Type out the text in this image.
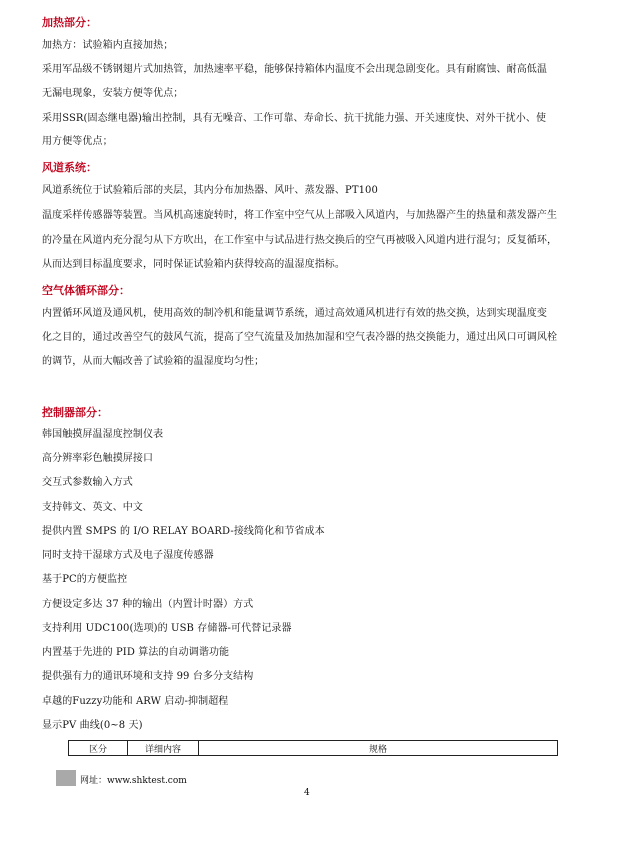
加热部分：
加热方：试验箱内直接加热；
采用军品级不锈钢翅片式加热管，加热速率平稳，能够保持箱体内温度不会出现急剧变化。具有耐腐蚀、耐高低温
无漏电现象，安装方便等优点；
采用SSR(固态继电器)输出控制，具有无噪音、工作可靠、寿命长、抗干扰能力强、开关速度快、对外干扰小、使
用方便等优点；
风道系统：
风道系统位于试验箱后部的夹层，其内分布加热器、风叶、蒸发器、PT100
温度采样传感器等装置。当风机高速旋转时，将工作室中空气从上部吸入风道内，与加热器产生的热量和蒸发器产生
的冷量在风道内充分混匀从下方吹出，在工作室中与试品进行热交换后的空气再被吸入风道内进行混匀；反复循环，
从而达到目标温度要求，同时保证试验箱内获得较高的温湿度指标。
空气体循环部分：
内置循环风道及通风机，使用高效的制冷机和能量调节系统，通过高效通风机进行有效的热交换，达到实现温度变
化之目的，通过改善空气的鼓风气流，提高了空气流量及加热加湿和空气表冷器的热交换能力，通过出风口可调风栓
的调节，从而大幅改善了试验箱的温湿度均匀性；
控制器部分：
韩国触摸屏温湿度控制仪表
高分辨率彩色触摸屏接口
交互式参数输入方式
支持韩文、英文、中文
提供内置 SMPS 的 I/O RELAY BOARD-接线简化和节省成本
同时支持干湿球方式及电子湿度传感器
基于PC的方便监控
方便设定多达 37 种的输出（内置计时器）方式
支持利用 UDC100(选项)的 USB 存储器-可代替记录器
内置基于先进的 PID 算法的自动调谐功能
提供强有力的通讯环境和支持 99 台多分支结构
卓越的Fuzzy功能和 ARW 启动-抑制超程
显示PV 曲线(0~8 天)
区分	详细内容	规格
网址：www.shktest.com
4
